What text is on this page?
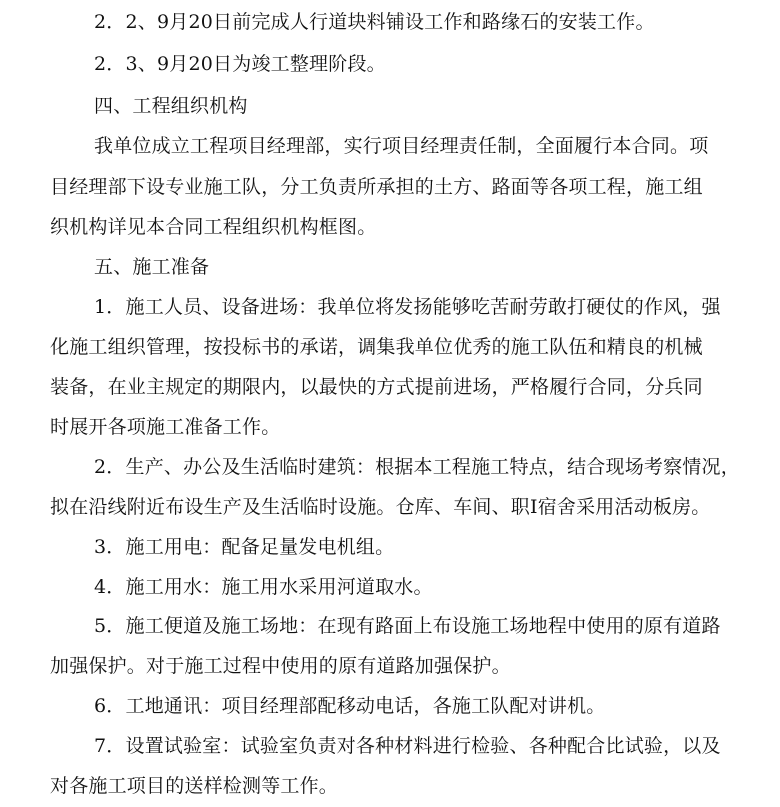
2．2、9月20日前完成人行道块料铺设工作和路缘石的安装工作。
2．3、9月20日为竣工整理阶段。
四、工程组织机构
我单位成立工程项目经理部，实行项目经理责任制，全面履行本合同。项
目经理部下设专业施工队，分工负责所承担的土方、路面等各项工程，施工组
织机构详见本合同工程组织机构框图。
五、施工准备
1．施工人员、设备进场：我单位将发扬能够吃苦耐劳敢打硬仗的作风，强
化施工组织管理，按投标书的承诺，调集我单位优秀的施工队伍和精良的机械
装备，在业主规定的期限内，以最快的方式提前进场，严格履行合同，分兵同
时展开各项施工准备工作。
2．生产、办公及生活临时建筑：根据本工程施工特点，结合现场考察情况，
拟在沿线附近布设生产及生活临时设施。仓库、车间、职I宿舍采用活动板房。
3．施工用电：配备足量发电机组。
4．施工用水：施工用水采用河道取水。
5．施工便道及施工场地：在现有路面上布设施工场地程中使用的原有道路
加强保护。对于施工过程中使用的原有道路加强保护。
6．工地通讯：项目经理部配移动电话，各施工队配对讲机。
7．设置试验室：试验室负责对各种材料进行检验、各种配合比试验，以及
对各施工项目的送样检测等工作。
